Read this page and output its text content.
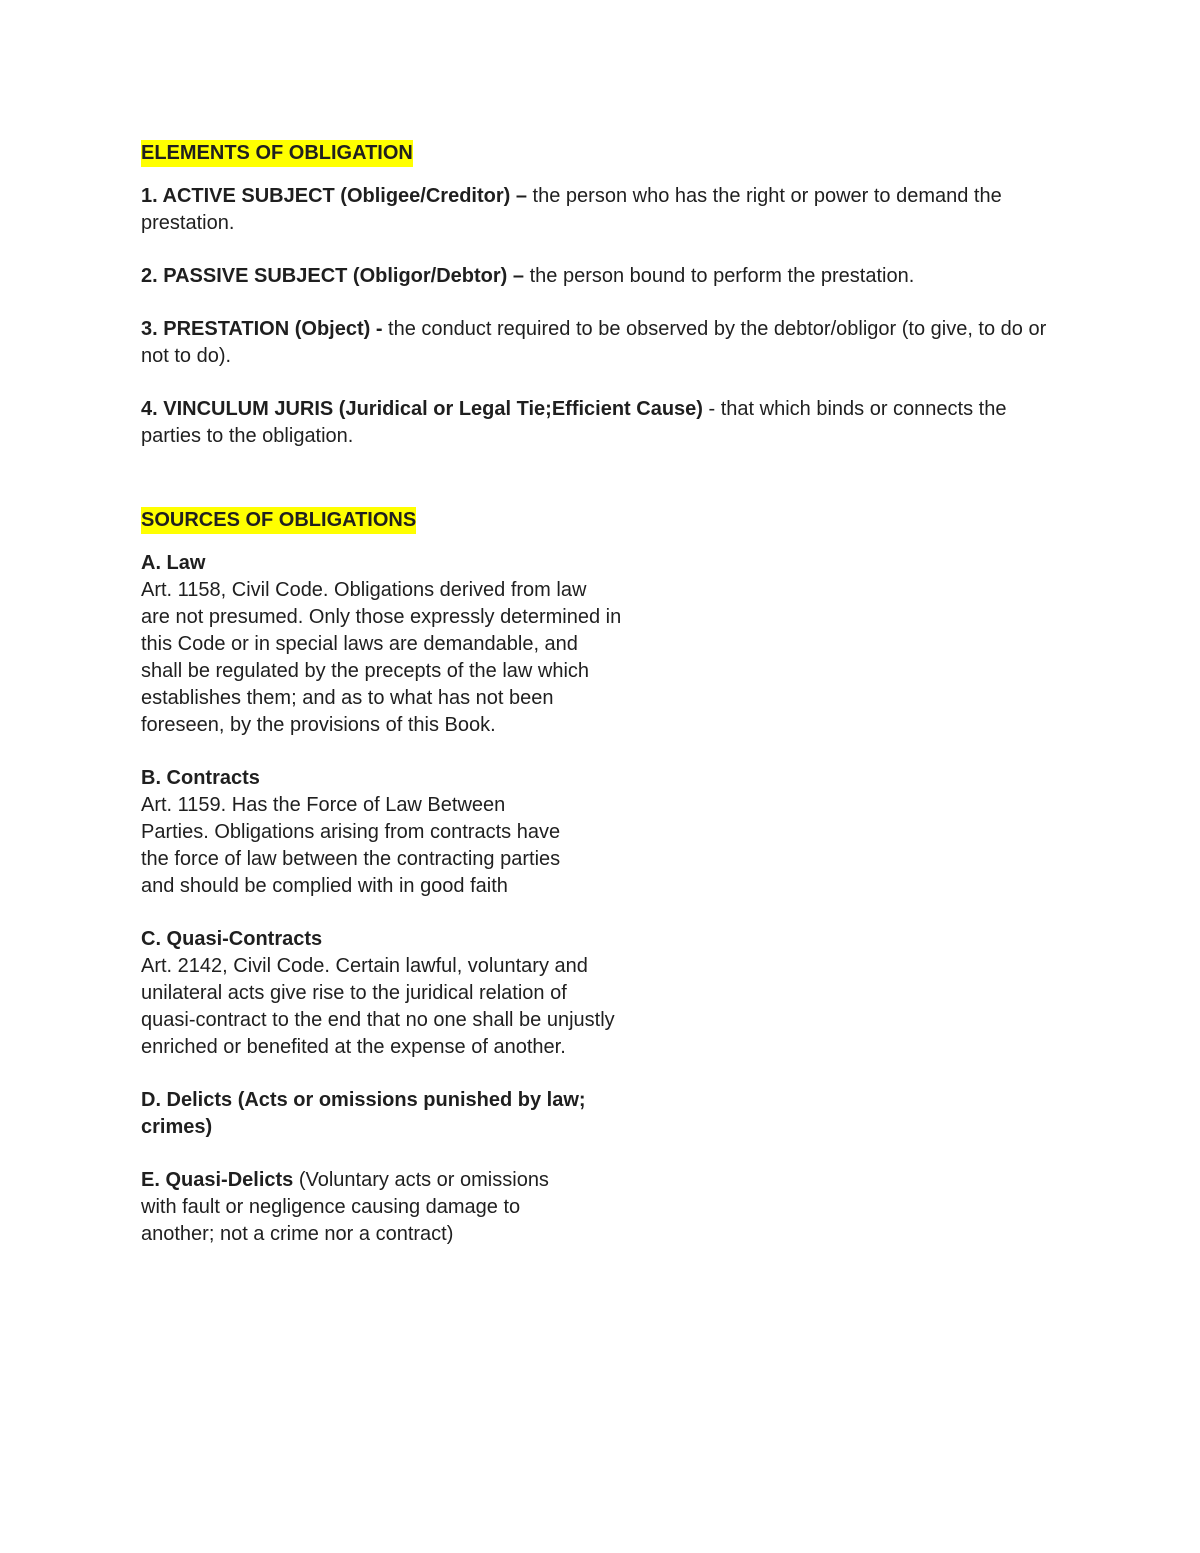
ELEMENTS OF OBLIGATION

1. ACTIVE SUBJECT (Obligee/Creditor) – the person who has the right or power to demand the prestation.

2. PASSIVE SUBJECT (Obligor/Debtor) – the person bound to perform the prestation.

3. PRESTATION (Object) - the conduct required to be observed by the debtor/obligor (to give, to do or not to do).

4. VINCULUM JURIS (Juridical or Legal Tie;Efficient Cause) - that which binds or connects the parties to the obligation.

SOURCES OF OBLIGATIONS
A. Law
Art. 1158, Civil Code. Obligations derived from law
are not presumed. Only those expressly determined in
this Code or in special laws are demandable, and
shall be regulated by the precepts of the law which
establishes them; and as to what has not been
foreseen, by the provisions of this Book.
B. Contracts
Art. 1159. Has the Force of Law Between
Parties. Obligations arising from contracts have
the force of law between the contracting parties
and should be complied with in good faith
C. Quasi-Contracts
Art. 2142, Civil Code. Certain lawful, voluntary and
unilateral acts give rise to the juridical relation of
quasi-contract to the end that no one shall be unjustly
enriched or benefited at the expense of another.
D. Delicts (Acts or omissions punished by law;
crimes)
E. Quasi-Delicts (Voluntary acts or omissions
with fault or negligence causing damage to
another; not a crime nor a contract)
